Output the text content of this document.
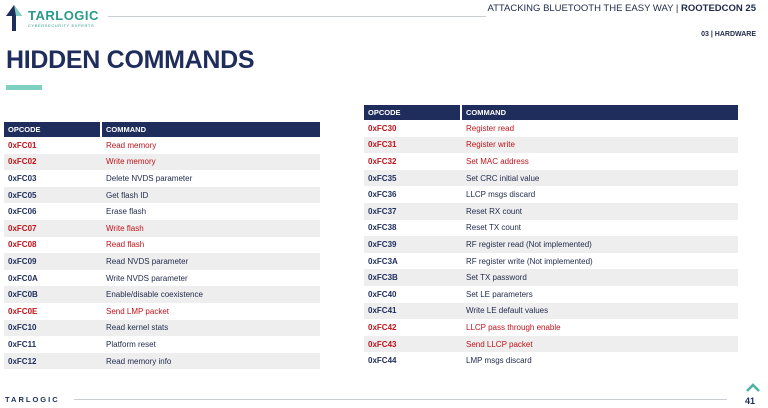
TARLOGIC
CYBERSECURITY EXPERTS
ATTACKING BLUETOOTH THE EASY WAY | ROOTEDCON 25
03 | HARDWARE
HIDDEN COMMANDS
OPCODE	COMMAND
0xFC01	Read memory
0xFC02	Write memory
0xFC03	Delete NVDS parameter
0xFC05	Get flash ID
0xFC06	Erase flash
0xFC07	Write flash
0xFC08	Read flash
0xFC09	Read NVDS parameter
0xFC0A	Write NVDS parameter
0xFC0B	Enable/disable coexistence
0xFC0E	Send LMP packet
0xFC10	Read kernel stats
0xFC11	Platform reset
0xFC12	Read memory info
OPCODE	COMMAND
0xFC30	Register read
0xFC31	Register write
0xFC32	Set MAC address
0xFC35	Set CRC initial value
0xFC36	LLCP msgs discard
0xFC37	Reset RX count
0xFC38	Reset TX count
0xFC39	RF register read (Not implemented)
0xFC3A	RF register write (Not implemented)
0xFC3B	Set TX password
0xFC40	Set LE parameters
0xFC41	Write LE default values
0xFC42	LLCP pass through enable
0xFC43	Send LLCP packet
0xFC44	LMP msgs discard
TARLOGIC	41
